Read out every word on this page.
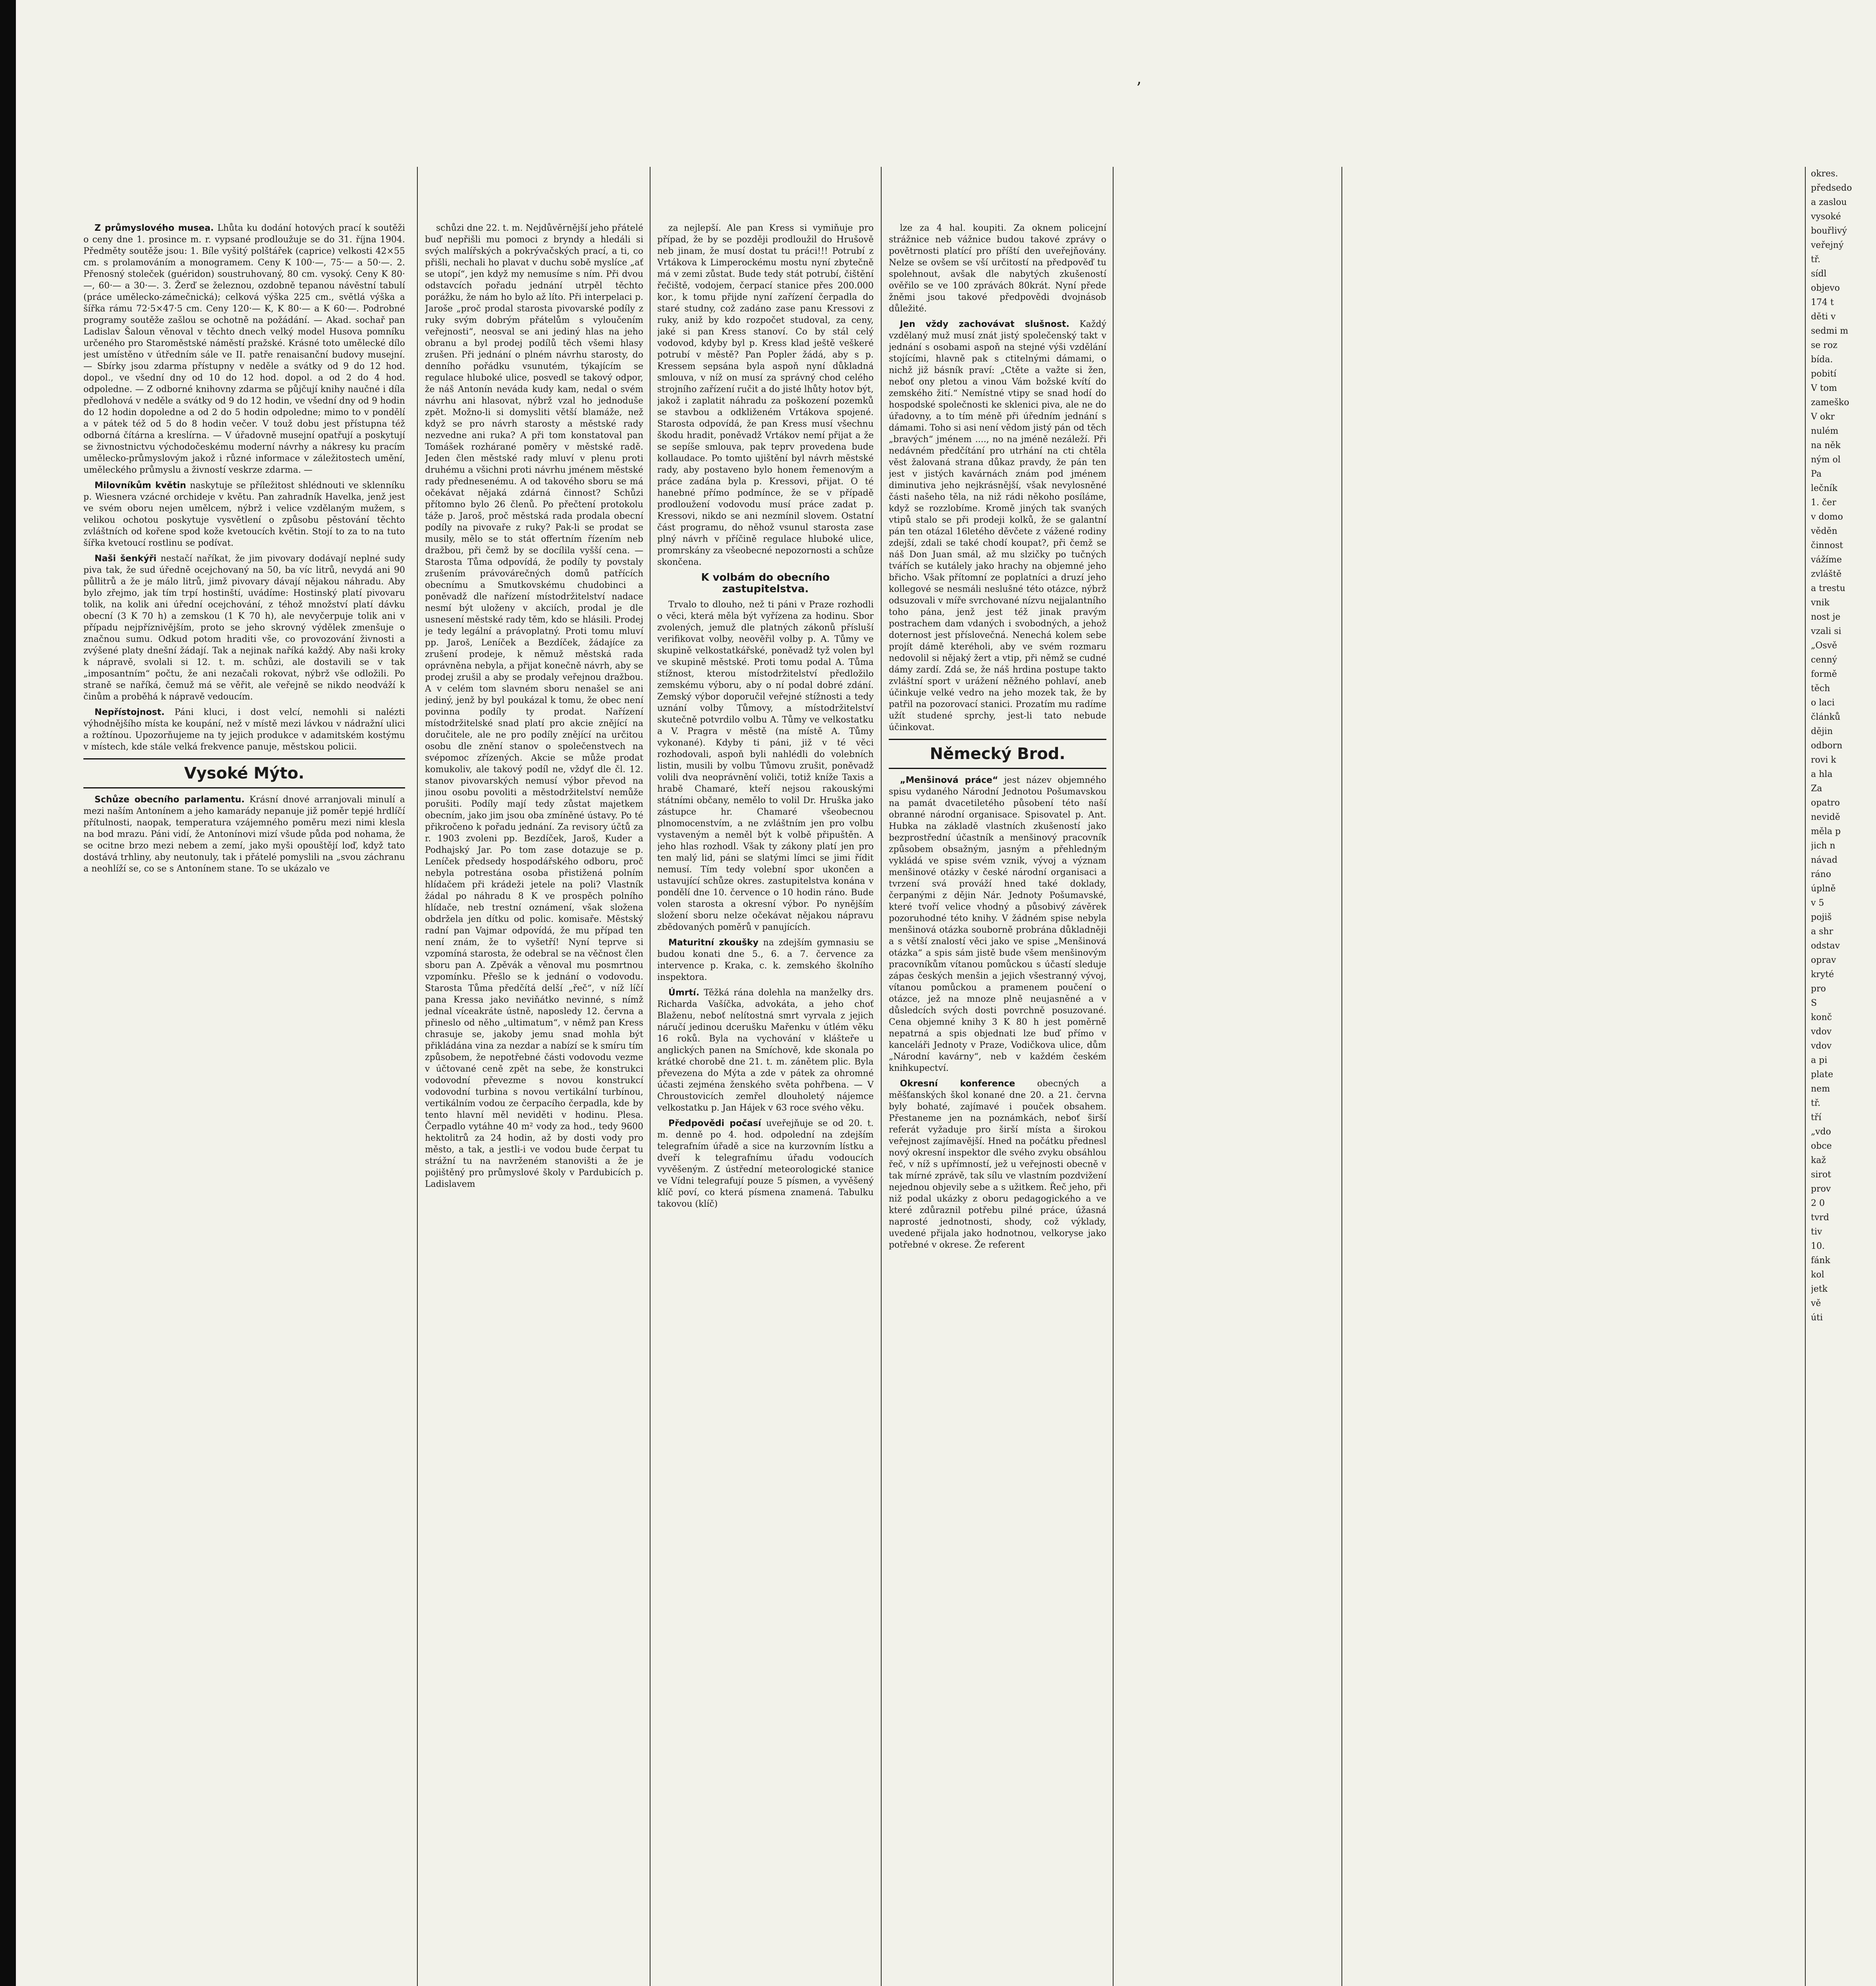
ʼ

Z průmyslového musea. Lhůta ku dodání hotových prací k soutěži o ceny dne 1. prosince m. r. vypsané prodloužuje se do 31. října 1904. Předměty soutěže jsou: 1. Bíle vyšitý polštářek (caprice) velkosti 42×55 cm. s prolamováním a monogramem. Ceny K 100·—, 75·— a 50·—. 2. Přenosný stoleček (guéridon) soustruhovaný, 80 cm. vysoký. Ceny K 80·—, 60·— a 30·—. 3. Žerď se železnou, ozdobně tepanou návěstní tabulí (práce umělecko-zámečnická); celková výška 225 cm., světlá výška a šířka rámu 72·5×47·5 cm. Ceny 120·— K, K 80·— a K 60·—. Podrobné programy soutěže zašlou se ochotně na požádání. — Akad. sochař pan Ladislav Šaloun věnoval v těchto dnech velký model Husova pomníku určeného pro Staroměstské náměstí pražské. Krásné toto umělecké dílo jest umístěno v útředním sále ve II. patře renaisanční budovy musejní. — Sbírky jsou zdarma přístupny v neděle a svátky od 9 do 12 hod. dopol., ve všední dny od 10 do 12 hod. dopol. a od 2 do 4 hod. odpoledne. — Z odborné knihovny zdarma se půjčují knihy naučné i díla předlohová v neděle a svátky od 9 do 12 hodin, ve všední dny od 9 hodin do 12 hodin dopoledne a od 2 do 5 hodin odpoledne; mimo to v pondělí a v pátek též od 5 do 8 hodin večer. V touž dobu jest přístupna též odborná čítárna a kreslírna. — V úřadovně musejní opatřují a poskytují se živnostnictvu východočeskému moderní návrhy a nákresy ku pracím umělecko-průmyslovým jakož i různé informace v záležitostech umění, uměleckého průmyslu a živností veskrze zdarma. —

Milovníkům květin naskytuje se příležitost shlédnouti ve sklenníku p. Wiesnera vzácné orchideje v květu. Pan zahradník Havelka, jenž jest ve svém oboru nejen umělcem, nýbrž i velice vzdělaným mužem, s velikou ochotou poskytuje vysvětlení o způsobu pěstování těchto zvláštních od kořene spod kože kvetoucích květin. Stojí to za to na tuto šířka kvetoucí rostlinu se podívat.

Naši šenkýři nestačí naříkat, že jim pivovary dodávají neplné sudy piva tak, že sud úředně ocejchovaný na 50, ba víc litrů, nevydá ani 90 půllitrů a že je málo litrů, jimž pivovary dávají nějakou náhradu. Aby bylo zřejmo, jak tím trpí hostinští, uvádíme: Hostinský platí pivovaru tolik, na kolik ani úřední ocejchování, z téhož množství platí dávku obecní (3 K 70 h) a zemskou (1 K 70 h), ale nevyčerpuje tolik ani v případu nejpříznivějším, proto se jeho skrovný výdělek zmenšuje o značnou sumu. Odkud potom hraditi vše, co provozování živnosti a zvýšené platy dnešní žádají. Tak a nejinak naříká každý. Aby naši kroky k nápravě, svolali si 12. t. m. schůzi, ale dostavili se v tak „imposantním“ počtu, že ani nezačali rokovat, nýbrž vše odložili. Po straně se naříká, čemuž má se věřit, ale veřejně se nikdo neodváží k činům a proběhá k nápravě vedoucím.

Nepřístojnost. Páni kluci, i dost velcí, nemohli si nalézti výhodnějšího místa ke koupání, než v místě mezi lávkou v nádražní ulici a rožtínou. Upozorňujeme na ty jejich produkce v adamitském kostýmu v místech, kde stále velká frekvence panuje, městskou policii.

Vysoké Mýto.

Schůze obecního parlamentu. Krásní dnové arranjovali minulí a mezi naším Antonínem a jeho kamarády nepanuje již poměr tepjé hrdlíčí přítulnosti, naopak, temperatura vzájemného poměru mezi nimi klesla na bod mrazu. Páni vidí, že Antonínovi mizí všude půda pod nohama, že se ocitne brzo mezi nebem a zemí, jako myši opouštějí loď, když tato dostává trhliny, aby neutonuly, tak i přátelé pomyslili na „svou záchranu a neohlíží se, co se s Antonínem stane. To se ukázalo ve

schůzi dne 22. t. m. Nejdůvěrnější jeho přátelé buď nepřišli mu pomoci z bryndy a hledáli si svých malířských a pokrývačských prací, a ti, co přišli, nechali ho plavat v duchu sobě myslíce „ať se utopí“, jen když my nemusíme s ním. Při dvou odstavcích pořadu jednání utrpěl těchto porážku, že nám ho bylo až líto. Při interpelaci p. Jaroše „proč prodal starosta pivovarské podíly z ruky svým dobrým přátelům s vyloučením veřejnosti“, neosval se ani jediný hlas na jeho obranu a byl prodej podílů těch všemi hlasy zrušen. Při jednání o plném návrhu starosty, do denního pořádku vsunutém, týkajícím se regulace hluboké ulice, posvedl se takový odpor, že náš Antonín neváda kudy kam, nedal o svém návrhu ani hlasovat, nýbrž vzal ho jednoduše zpět. Možno-li si domysliti větší blamáže, než když se pro návrh starosty a městské rady nezvedne ani ruka? A při tom konstatoval pan Tomášek rozhárané poměry v městské radě. Jeden člen městské rady mluví v plenu proti druhému a všichni proti návrhu jménem městské rady přednesenému. A od takového sboru se má očekávat nějaká zdárná činnost? Schůzi přítomno bylo 26 členů. Po přečtení protokolu táže p. Jaroš, proč městská rada prodala obecní podíly na pivovaře z ruky? Pak-li se prodat se musily, mělo se to stát offertním řízením neb dražbou, při čemž by se docílila vyšší cena. — Starosta Tůma odpovídá, že podíly ty povstaly zrušením právovárečných domů patřících obecnímu a Smutkovskému chudobinci a poněvadž dle nařízení místodržitelství nadace nesmí být uloženy v akciích, prodal je dle usnesení městské rady těm, kdo se hlásili. Prodej je tedy legální a právoplatný. Proti tomu mluví pp. Jaroš, Leníček a Bezdíček, žádajíce za zrušení prodeje, k němuž městská rada oprávněna nebyla, a přijat konečně návrh, aby se prodej zrušil a aby se prodaly veřejnou dražbou. A v celém tom slavném sboru nenašel se ani jediný, jenž by byl poukázal k tomu, že obec není povinna podíly ty prodat. Nařízení místodržitelské snad platí pro akcie znějící na doručitele, ale ne pro podíly znějící na určitou osobu dle znění stanov o společenstvech na svépomoc zřízených. Akcie se může prodat komukoliv, ale takový podíl ne, vždyť dle čl. 12. stanov pivovarských nemusí výbor převod na jinou osobu povoliti a městodržitelství nemůže porušiti. Podíly mají tedy zůstat majetkem obecním, jako jim jsou oba zmíněné ústavy. Po té přikročeno k pořadu jednání. Za revisory účtů za r. 1903 zvoleni pp. Bezdíček, Jaroš, Kuder a Podhajský Jar. Po tom zase dotazuje se p. Leníček předsedy hospodářského odboru, proč nebyla potrestána osoba přistižená polním hlídačem při krádeži jetele na poli? Vlastník žádal po náhradu 8 K ve prospěch polního hlídače, neb trestní oznámení, však složena obdržela jen dítku od polic. komisaře. Městský radní pan Vajmar odpovídá, že mu případ ten není znám, že to vyšetří! Nyní teprve si vzpomíná starosta, že odebral se na věčnost člen sboru pan A. Zpěvák a věnoval mu posmrtnou vzpomínku. Přešlo se k jednání o vodovodu. Starosta Tůma předčítá delší „řeč“, v níž líčí pana Kressa jako neviňátko nevinné, s nímž jednal víceakráte ústně, naposledy 12. června a přineslo od něho „ultimatum“, v němž pan Kress chrasuje se, jakoby jemu snad mohla být přikládána vina za nezdar a nabízí se k smíru tím způsobem, že nepotřebné části vodovodu vezme v účtované ceně zpět na sebe, že konstrukci vodovodní převezme s novou konstrukcí vodovodní turbina s novou vertikální turbínou, vertikálním vodou ze čerpacího čerpadla, kde by tento hlavní měl neviděti v hodinu. Plesa. Čerpadlo vytáhne 40 m² vody za hod., tedy 9600 hektolitrů za 24 hodin, až by dosti vody pro město, a tak, a jestli-i ve vodou bude čerpat tu strážní tu na navrženém stanovišti a že je pojištěný pro průmyslové školy v Pardubicích p. Ladislavem

za nejlepší. Ale pan Kress si vymiňuje pro případ, že by se později prodloužil do Hrušově neb jinam, že musí dostat tu práci!!! Potrubí z Vrtákova k Limperockému mostu nyní zbytečně má v zemi zůstat. Bude tedy stát potrubí, čištění řečiště, vodojem, čerpací stanice přes 200.000 kor., k tomu přijde nyní zařízení čerpadla do staré studny, což zadáno zase panu Kressovi z ruky, aniž by kdo rozpočet studoval, za ceny, jaké si pan Kress stanoví. Co by stál celý vodovod, kdyby byl p. Kress klad ještě veškeré potrubí v městě? Pan Popler žádá, aby s p. Kressem sepsána byla aspoň nyní důkladná smlouva, v níž on musí za správný chod celého strojního zařízení ručit a do jisté lhůty hotov být, jakož i zaplatit náhradu za poškození pozemků se stavbou a odkliženém Vrtákova spojené. Starosta odpovídá, že pan Kress musí všechnu škodu hradit, poněvadž Vrtákov nemí přijat a že se sepíše smlouva, pak teprv provedena bude kollaudace. Po tomto ujištění byl návrh městské rady, aby postaveno bylo honem řemenovým a práce zadána byla p. Kressovi, přijat. O té hanebné přímo podmínce, že se v případě prodloužení vodovodu musí práce zadat p. Kressovi, nikdo se ani nezmínil slovem. Ostatní část programu, do něhož vsunul starosta zase plný návrh v příčině regulace hluboké ulice, promrskány za všeobecné nepozornosti a schůze skončena.

K volbám do obecního zastupitelstva.

Trvalo to dlouho, než ti páni v Praze rozhodli o věci, která měla být vyřízena za hodinu. Sbor zvolených, jemuž dle platných zákonů přísluší verifikovat volby, neověřil volby p. A. Tůmy ve skupině velkostatkářské, poněvadž tyž volen byl ve skupině městské. Proti tomu podal A. Tůma stížnost, kterou místodržitelství předložilo zemskému výboru, aby o ní podal dobré zdání. Zemský výbor doporučil veřejné stížnosti a tedy uznání volby Tůmovy, a místodržitelství skutečně potvrdilo volbu A. Tůmy ve velkostatku a V. Pragra v městě (na místě A. Tůmy vykonané). Kdyby ti páni, již v té věci rozhodovali, aspoň byli nahlédli do volebních listin, musili by volbu Tůmovu zrušit, poněvadž volili dva neoprávnění voliči, totiž kníže Taxis a hrabě Chamaré, kteří nejsou rakouskými státními občany, nemělo to volil Dr. Hruška jako zástupce hr. Chamaré všeobecnou plnomocenstvím, a ne zvláštním jen pro volbu vystaveným a neměl být k volbě připuštěn. A jeho hlas rozhodl. Však ty zákony platí jen pro ten malý lid, páni se slatými límci se jimi řídit nemusí. Tím tedy volební spor ukončen a ustavující schůze okres. zastupitelstva konána v pondělí dne 10. července o 10 hodin ráno. Bude volen starosta a okresní výbor. Po nynějším složení sboru nelze očekávat nějakou nápravu zbědovaných poměrů v panujících.

Maturitní zkoušky na zdejším gymnasiu se budou konati dne 5., 6. a 7. července za intervence p. Kraka, c. k. zemského školního inspektora.

Úmrtí. Těžká rána dolehla na manželky drs. Richarda Vašíčka, advokáta, a jeho choť Blaženu, neboť nelítostná smrt vyrvala z jejich náručí jedinou dcerušku Mařenku v útlém věku 16 roků. Byla na vychování v klášteře u anglických panen na Smíchově, kde skonala po krátké chorobě dne 21. t. m. zánětem plic. Byla převezena do Mýta a zde v pátek za ohromné účasti zejména ženského světa pohřbena. — V Chroustovicích zemřel dlouholetý nájemce velkostatku p. Jan Hájek v 63 roce svého věku.

Předpovědi počasí uveřejňuje se od 20. t. m. denně po 4. hod. odpolední na zdejším telegrafním úřadě a sice na kurzovním lístku a dveří k telegrafnímu úřadu vodoucích vyvěšeným. Z ústřední meteorologické stanice ve Vídni telegrafují pouze 5 písmen, a vyvěšený klíč poví, co která písmena znamená. Tabulku takovou (klíč)

lze za 4 hal. koupiti. Za oknem policejní strážnice neb vážnice budou takové zprávy o povětrnosti platící pro příští den uveřejňovány. Nelze se ovšem se vší určitostí na předpověď tu spolehnout, avšak dle nabytých zkušeností ověřilo se ve 100 zprávách 80krát. Nyní přede žněmi jsou takové předpovědi dvojnásob důležité.

Jen vždy zachovávat slušnost. Každý vzdělaný muž musí znát jistý společenský takt v jednání s osobami aspoň na stejné výši vzdělání stojícími, hlavně pak s ctitelnými dámami, o nichž již básník praví: „Ctěte a važte si žen, neboť ony pletou a vinou Vám božské kvítí do zemského žití.“ Nemístné vtipy se snad hodí do hospodské společnosti ke sklenici piva, ale ne do úřadovny, a to tím méně při úředním jednání s dámami. Toho si asi není vědom jistý pán od těch „bravých“ jménem ...., no na jméně nezáleží. Při nedávném předčítání pro utrhání na cti chtěla věst žalovaná strana důkaz pravdy, že pán ten jest v jistých kavárnách znám pod jménem diminutiva jeho nejkrásnější, však nevylosněné části našeho těla, na niž rádi někoho posíláme, když se rozzlobíme. Kromě jiných tak svaných vtipů stalo se při prodeji kolků, že se galantní pán ten otázal 16letého děvčete z vážené rodiny zdejší, zdali se také chodí koupat?, při čemž se náš Don Juan smál, až mu slzičky po tučných tvářích se kutálely jako hrachy na objemné jeho břicho. Však přítomní ze poplatníci a druzí jeho kollegové se nesmáli neslušné této otázce, nýbrž odsuzovali v míře svrchované nízvu nejjalantního toho pána, jenž jest též jinak pravým postrachem dam vdaných i svobodných, a jehož doternost jest příslovečná. Nenechá kolem sebe projít dámě kteréholi, aby ve svém rozmaru nedovolil si nějaký žert a vtip, při němž se cudné dámy zardí. Zdá se, že náš hrdina postupe takto zvláštní sport v urážení něžného pohlaví, aneb účinkuje velké vedro na jeho mozek tak, že by patřil na pozorovací stanici. Prozatím mu radíme užít studené sprchy, jest-li tato nebude účinkovat.

Německý Brod.

„Menšinová práce“ jest název objemného spisu vydaného Národní Jednotou Pošumavskou na památ dvacetiletého působení této naší obranné národní organisace. Spisovatel p. Ant. Hubka na základě vlastních zkušeností jako bezprostřední účastník a menšinový pracovník způsobem obsažným, jasným a přehledným vykládá ve spise svém vznik, vývoj a význam menšinové otázky v české národní organisaci a tvrzení svá prováží hned také doklady, čerpanými z dějin Nár. Jednoty Pošumavské, které tvoří velice vhodný a působivý závěrek pozoruhodné této knihy. V žádném spise nebyla menšinová otázka souborně probrána důkladněji a s větší znalostí věci jako ve spise „Menšinová otázka“ a spis sám jistě bude všem menšinovým pracovníkům vítanou pomůckou s účastí sleduje zápas českých menšin a jejich všestranný vývoj, vítanou pomůckou a pramenem poučení o otázce, jež na mnoze plně neujasněné a v důsledcích svých dosti povrchně posuzované. Cena objemné knihy 3 K 80 h jest poměrně nepatrná a spis objednati lze buď přímo v kanceláři Jednoty v Praze, Vodičkova ulice, dům „Národní kavárny“, neb v každém českém knihkupectví.

Okresní konference	obecných a měšťanských škol konané dne 20. a 21. června byly bohaté, zajímavé i pouček obsahem. Přestaneme jen na poznámkách, neboť širší referát vyžaduje pro širší místa a širokou veřejnost zajímavější. Hned na počátku přednesl nový okresní inspektor dle svého zvyku obsáhlou řeč, v níž s upřímností, jež u veřejnosti obecně v tak mírné zprávě, tak sílu ve vlastním pozdvižení nejednou objevily sebe a s užitkem. Řeč jeho, při niž podal ukázky z oboru pedagogického a ve které zdůraznil potřebu pilné práce, úžasná naprosté jednotnosti, shody, což výklady, uvedené přijala jako hodnotnou, velkoryse jako potřebné v okrese. Že referent

okres.
předsedo
a zaslou
vysoké
bouřlivý
veřejný
tř.
sídl
objevo
174 t
děti v
sedmi m
se roz
bída.
pobití
V tom
zameško
V okr
nulém
na něk
ným ol
Pa
lečník
1. čer
v domo
věděn
činnost
vážíme
zvláště
a trestu
vnik
nost je
vzali si
„Osvě
cenný
formě
těch
o laci
článků
dějin
odborn
rovi k
a hla
Za
opatro
nevidě
měla p
jich n
návad
ráno
úplně
v 5
pojiš
a shr
odstav
oprav
kryté
pro
S
konč
vdov
vdov
a pi
plate
nem
tř.
tří
„vdo
obce
kaž
sirot
prov
2 0
tvrd
tiv
10.
fánk
kol
jetk
vě
úti
